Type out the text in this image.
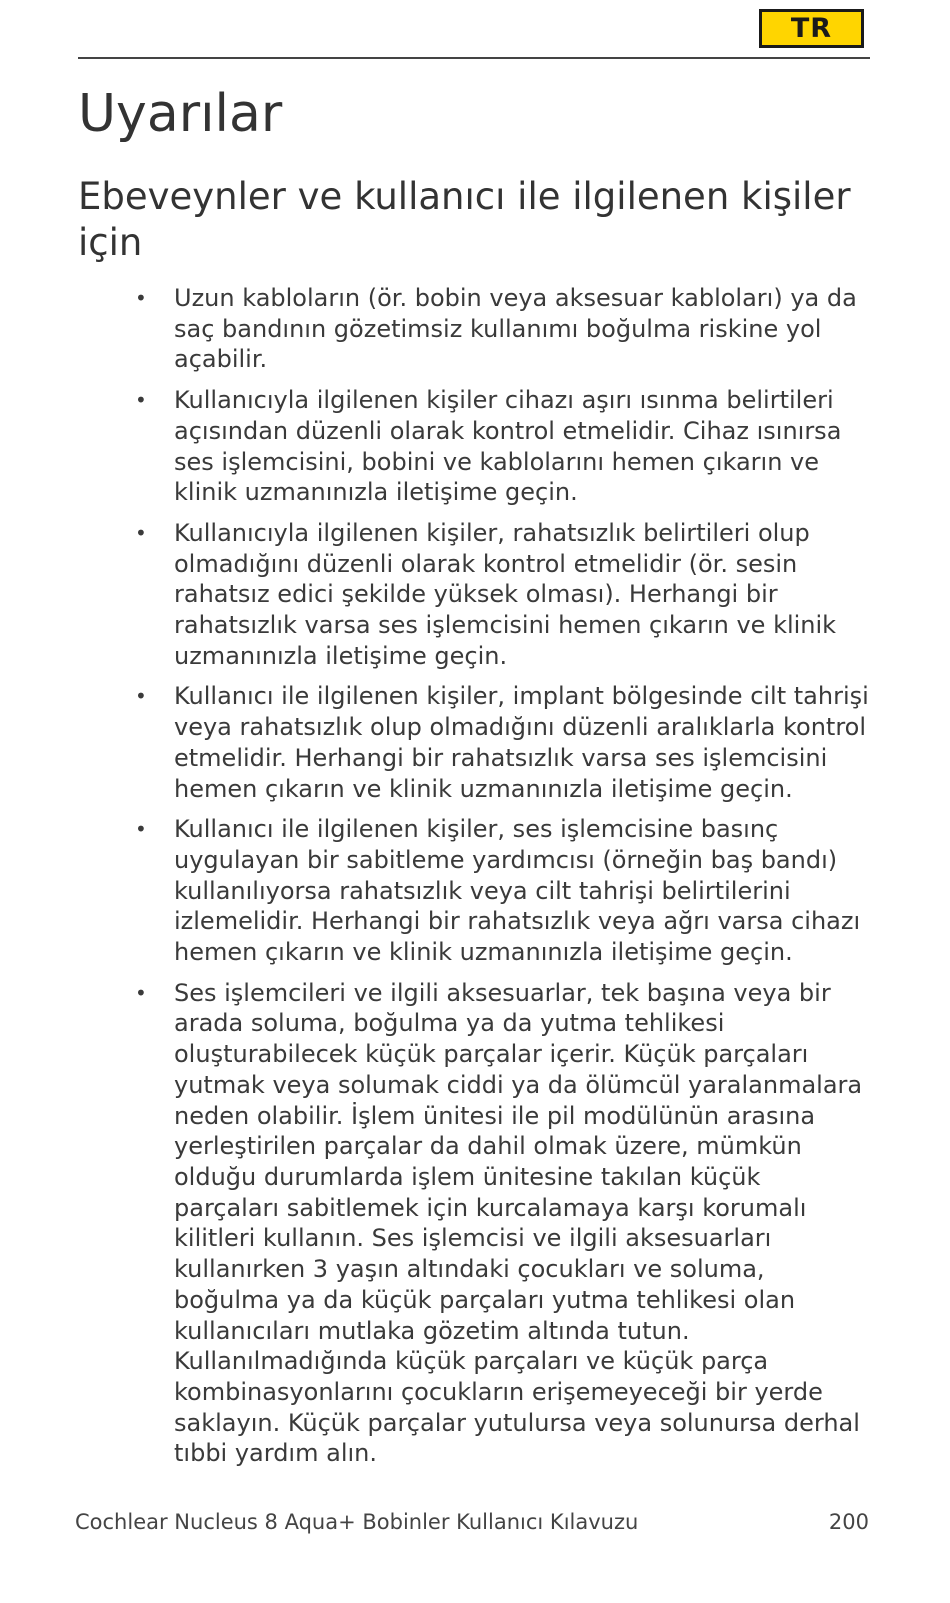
TR
Uyarılar
Ebeveynler ve kullanıcı ile ilgilenen kişiler için
• Uzun kabloların (ör. bobin veya aksesuar kabloları) ya da saç bandının gözetimsiz kullanımı boğulma riskine yol açabilir.
• Kullanıcıyla ilgilenen kişiler cihazı aşırı ısınma belirtileri açısından düzenli olarak kontrol etmelidir. Cihaz ısınırsa ses işlemcisini, bobini ve kablolarını hemen çıkarın ve klinik uzmanınızla iletişime geçin.
• Kullanıcıyla ilgilenen kişiler, rahatsızlık belirtileri olup olmadığını düzenli olarak kontrol etmelidir (ör. sesin rahatsız edici şekilde yüksek olması). Herhangi bir rahatsızlık varsa ses işlemcisini hemen çıkarın ve klinik uzmanınızla iletişime geçin.
• Kullanıcı ile ilgilenen kişiler, implant bölgesinde cilt tahrişi veya rahatsızlık olup olmadığını düzenli aralıklarla kontrol etmelidir. Herhangi bir rahatsızlık varsa ses işlemcisini hemen çıkarın ve klinik uzmanınızla iletişime geçin.
• Kullanıcı ile ilgilenen kişiler, ses işlemcisine basınç uygulayan bir sabitleme yardımcısı (örneğin baş bandı) kullanılıyorsa rahatsızlık veya cilt tahrişi belirtilerini izlemelidir. Herhangi bir rahatsızlık veya ağrı varsa cihazı hemen çıkarın ve klinik uzmanınızla iletişime geçin.
• Ses işlemcileri ve ilgili aksesuarlar, tek başına veya bir arada soluma, boğulma ya da yutma tehlikesi oluşturabilecek küçük parçalar içerir. Küçük parçaları yutmak veya solumak ciddi ya da ölümcül yaralanmalara neden olabilir. İşlem ünitesi ile pil modülünün arasına yerleştirilen parçalar da dahil olmak üzere, mümkün olduğu durumlarda işlem ünitesine takılan küçük parçaları sabitlemek için kurcalamaya karşı korumalı kilitleri kullanın. Ses işlemcisi ve ilgili aksesuarları kullanırken 3 yaşın altındaki çocukları ve soluma, boğulma ya da küçük parçaları yutma tehlikesi olan kullanıcıları mutlaka gözetim altında tutun. Kullanılmadığında küçük parçaları ve küçük parça kombinasyonlarını çocukların erişemeyeceği bir yerde saklayın. Küçük parçalar yutulursa veya solunursa derhal tıbbi yardım alın.
Cochlear Nucleus 8 Aqua+ Bobinler Kullanıcı Kılavuzu	200
